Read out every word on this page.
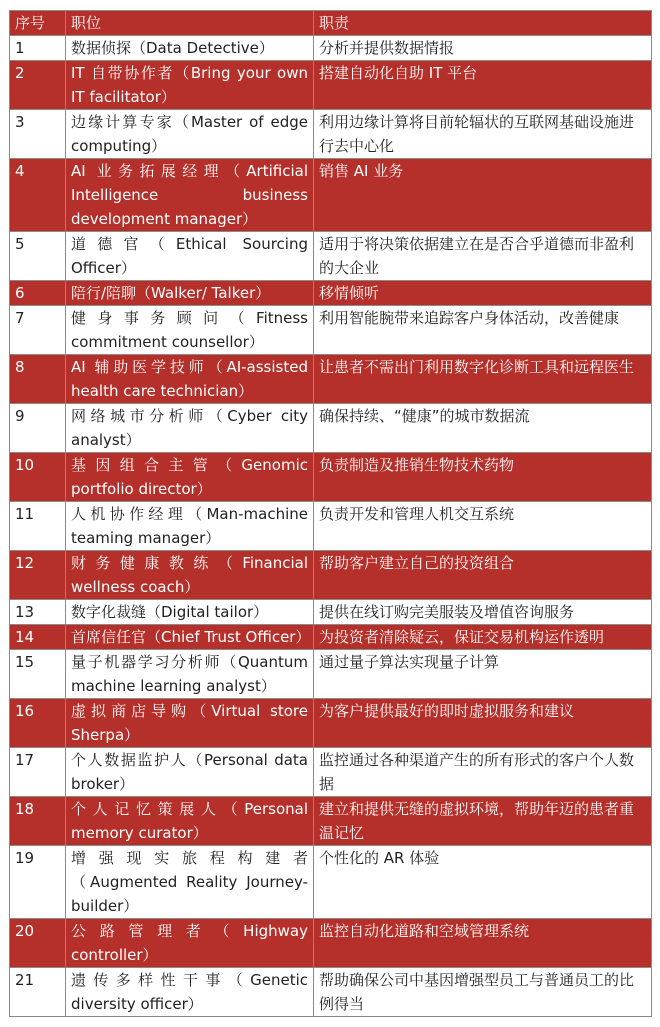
序号	职位	职责
1	数据侦探（Data Detective）	分析并提供数据情报
2	IT 自带协作者（Bring your own IT facilitator）	搭建自动化自助 IT 平台
3	边缘计算专家（Master of edge computing）	利用边缘计算将目前轮辐状的互联网基础设施进行去中心化
4	AI 业务拓展经理（Artificial Intelligence business development manager）	销售 AI 业务
5	道德官（Ethical Sourcing Officer）	适用于将决策依据建立在是否合乎道德而非盈利的大企业
6	陪行/陪聊（Walker/ Talker）	移情倾听
7	健身事务顾问（Fitness commitment counsellor）	利用智能腕带来追踪客户身体活动，改善健康
8	AI 辅助医学技师（AI-assisted health care technician）	让患者不需出门利用数字化诊断工具和远程医生
9	网络城市分析师（Cyber city analyst）	确保持续、“健康”的城市数据流
10	基因组合主管（Genomic portfolio director）	负责制造及推销生物技术药物
11	人机协作经理（Man-machine teaming manager）	负责开发和管理人机交互系统
12	财务健康教练（Financial wellness coach）	帮助客户建立自己的投资组合
13	数字化裁缝（Digital tailor）	提供在线订购完美服装及增值咨询服务
14	首席信任官（Chief Trust Officer）	为投资者清除疑云，保证交易机构运作透明
15	量子机器学习分析师（Quantum machine learning analyst）	通过量子算法实现量子计算
16	虚拟商店导购（Virtual store Sherpa）	为客户提供最好的即时虚拟服务和建议
17	个人数据监护人（Personal data broker）	监控通过各种渠道产生的所有形式的客户个人数据
18	个人记忆策展人（Personal memory curator）	建立和提供无缝的虚拟环境，帮助年迈的患者重温记忆
19	增强现实旅程构建者（Augmented Reality Journey-builder）	个性化的 AR 体验
20	公路管理者（Highway controller）	监控自动化道路和空域管理系统
21	遗传多样性干事（Genetic diversity officer）	帮助确保公司中基因增强型员工与普通员工的比例得当
